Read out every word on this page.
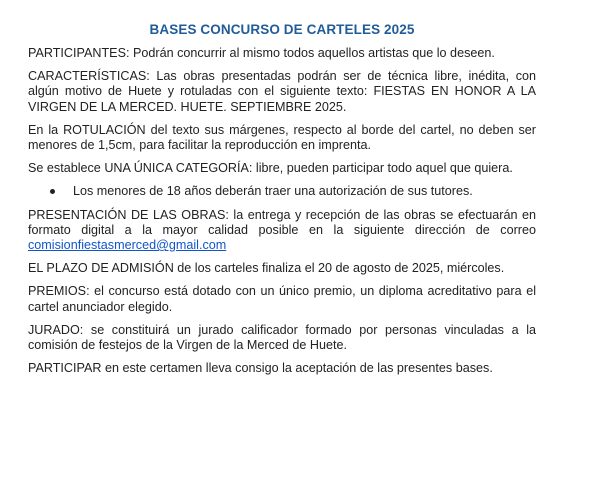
BASES CONCURSO DE CARTELES 2025

PARTICIPANTES: Podrán concurrir al mismo todos aquellos artistas que lo deseen.

CARACTERÍSTICAS: Las obras presentadas podrán ser de técnica libre, inédita, con algún motivo de Huete y rotuladas con el siguiente texto: FIESTAS EN HONOR A LA VIRGEN DE LA MERCED. HUETE. SEPTIEMBRE 2025.

En la ROTULACIÓN del texto sus márgenes, respecto al borde del cartel, no deben ser menores de 1,5cm, para facilitar la reproducción en imprenta.

Se establece UNA ÚNICA CATEGORÍA: libre, pueden participar todo aquel que quiera.

Los menores de 18 años deberán traer una autorización de sus tutores.

PRESENTACIÓN DE LAS OBRAS: la entrega y recepción de las obras se efectuarán en formato digital a la mayor calidad posible en la siguiente dirección de correo comisionfiestasmerced@gmail.com

EL PLAZO DE ADMISIÓN de los carteles finaliza el 20 de agosto de 2025, miércoles.

PREMIOS: el concurso está dotado con un único premio, un diploma acreditativo para el cartel anunciador elegido.

JURADO: se constituirá un jurado calificador formado por personas vinculadas a la comisión de festejos de la Virgen de la Merced de Huete.

PARTICIPAR en este certamen lleva consigo la aceptación de las presentes bases.
